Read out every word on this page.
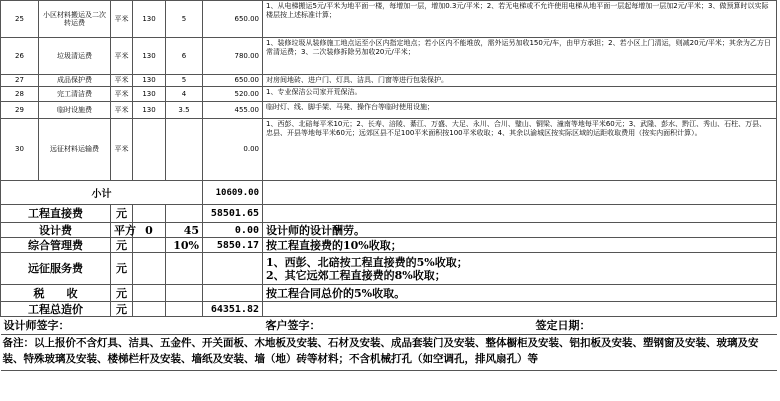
25	小区材料搬运及二次转运费	平米	130	5	650.00	1、从电梯搬运5元/平米为地平面一楼，每增加一层，增加0.3元/平米；2、若无电梯或不允许使用电梯从地平面一层起每增加一层加2元/平米；3、做预算时以实际楼层按上述标准计算；
26	垃圾清运费	平米	130	6	780.00	1、装修垃圾从装修施工地点运至小区内指定地点；若小区内不能堆放，需外运另加收150元/车，由甲方承担；2、若小区上门清运，则减20元/平米；其余为乙方日常清运费；3、二次装修拆除另加收20元/平米；
27	成品保护费	平米	130	5	650.00	对房间地砖、进户门、灯具、洁具、门窗等进行包装保护。
28	完工清洁费	平米	130	4	520.00	1、专业保洁公司家开荒保洁。
29	临时设施费	平米	130	3.5	455.00	临时灯、线、脚手架、马凳、操作台等临时使用设施；
30	远征材料运输费	平米			0.00	1、西彭、北碚每平米10元；2、长寿、涪陵、綦江、万盛、大足、永川、合川、璧山、铜梁、潼南等地每平米60元；3、武隆、彭水、黔江、秀山、石柱、万县、忠县、开县等地每平米60元；远郊区县不足100平米面积按100平米收取；4、其余以渝城区按实际区域的运距收取费用（按实内面积计算）。
小计					10609.00	
工程直接费		元			58501.65	
设计费		平方	0	45	0.00	设计师的设计酬劳。
综合管理费		元		10%	5850.17	按工程直接费的10%收取；
远征服务费		元				1、西彭、北碚按工程直接费的5%收取；
2、其它远郊工程直接费的8%收取；
税　　收		元				按工程合同总价的5%收取。
工程总造价		元			64351.82	
设计师签字：						客户签字： 签定日期：
备注：以上报价不含灯具、洁具、五金件、开关面板、木地板及安装、石材及安装、成品套装门及安装、整体橱柜及安装、铝扣板及安装、塑钢窗及安装、玻璃及安装、特殊玻璃及安装、楼梯栏杆及安装、墙纸及安装、墙（地）砖等材料；不含机械打孔（如空调孔，排风扇孔）等						
